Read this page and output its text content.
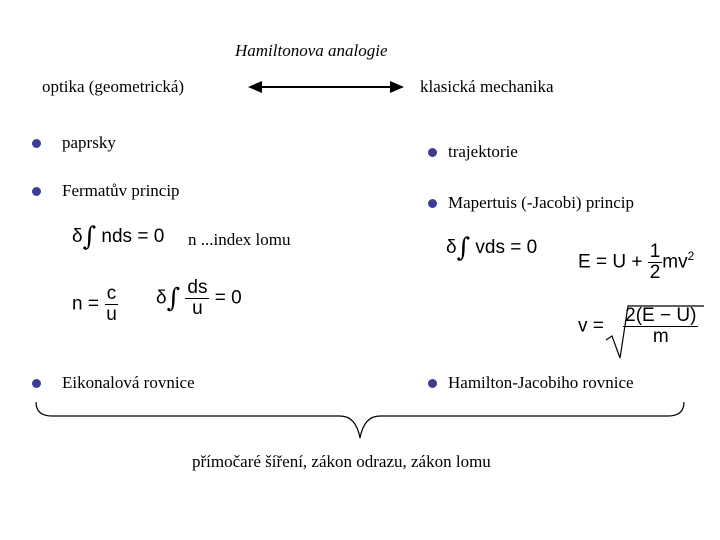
Hamiltonova analogie
optika (geometrická)	klasická mechanika
paprsky
Fermatův princip
Eikonalová rovnice
trajektorie
Mapertuis (-Jacobi) princip
Hamilton-Jacobiho rovnice
n ...index lomu
δ∫ nds = 0
$n = \frac{c}{u} \delta\int \frac{ds}{u} = 0$
δ∫ vds = 0
$E = U + \frac{1}{2} mv^2$
$v = \frac{2(E - U)}{m}$
přímočaré šíření, zákon odrazu, zákon lomu
